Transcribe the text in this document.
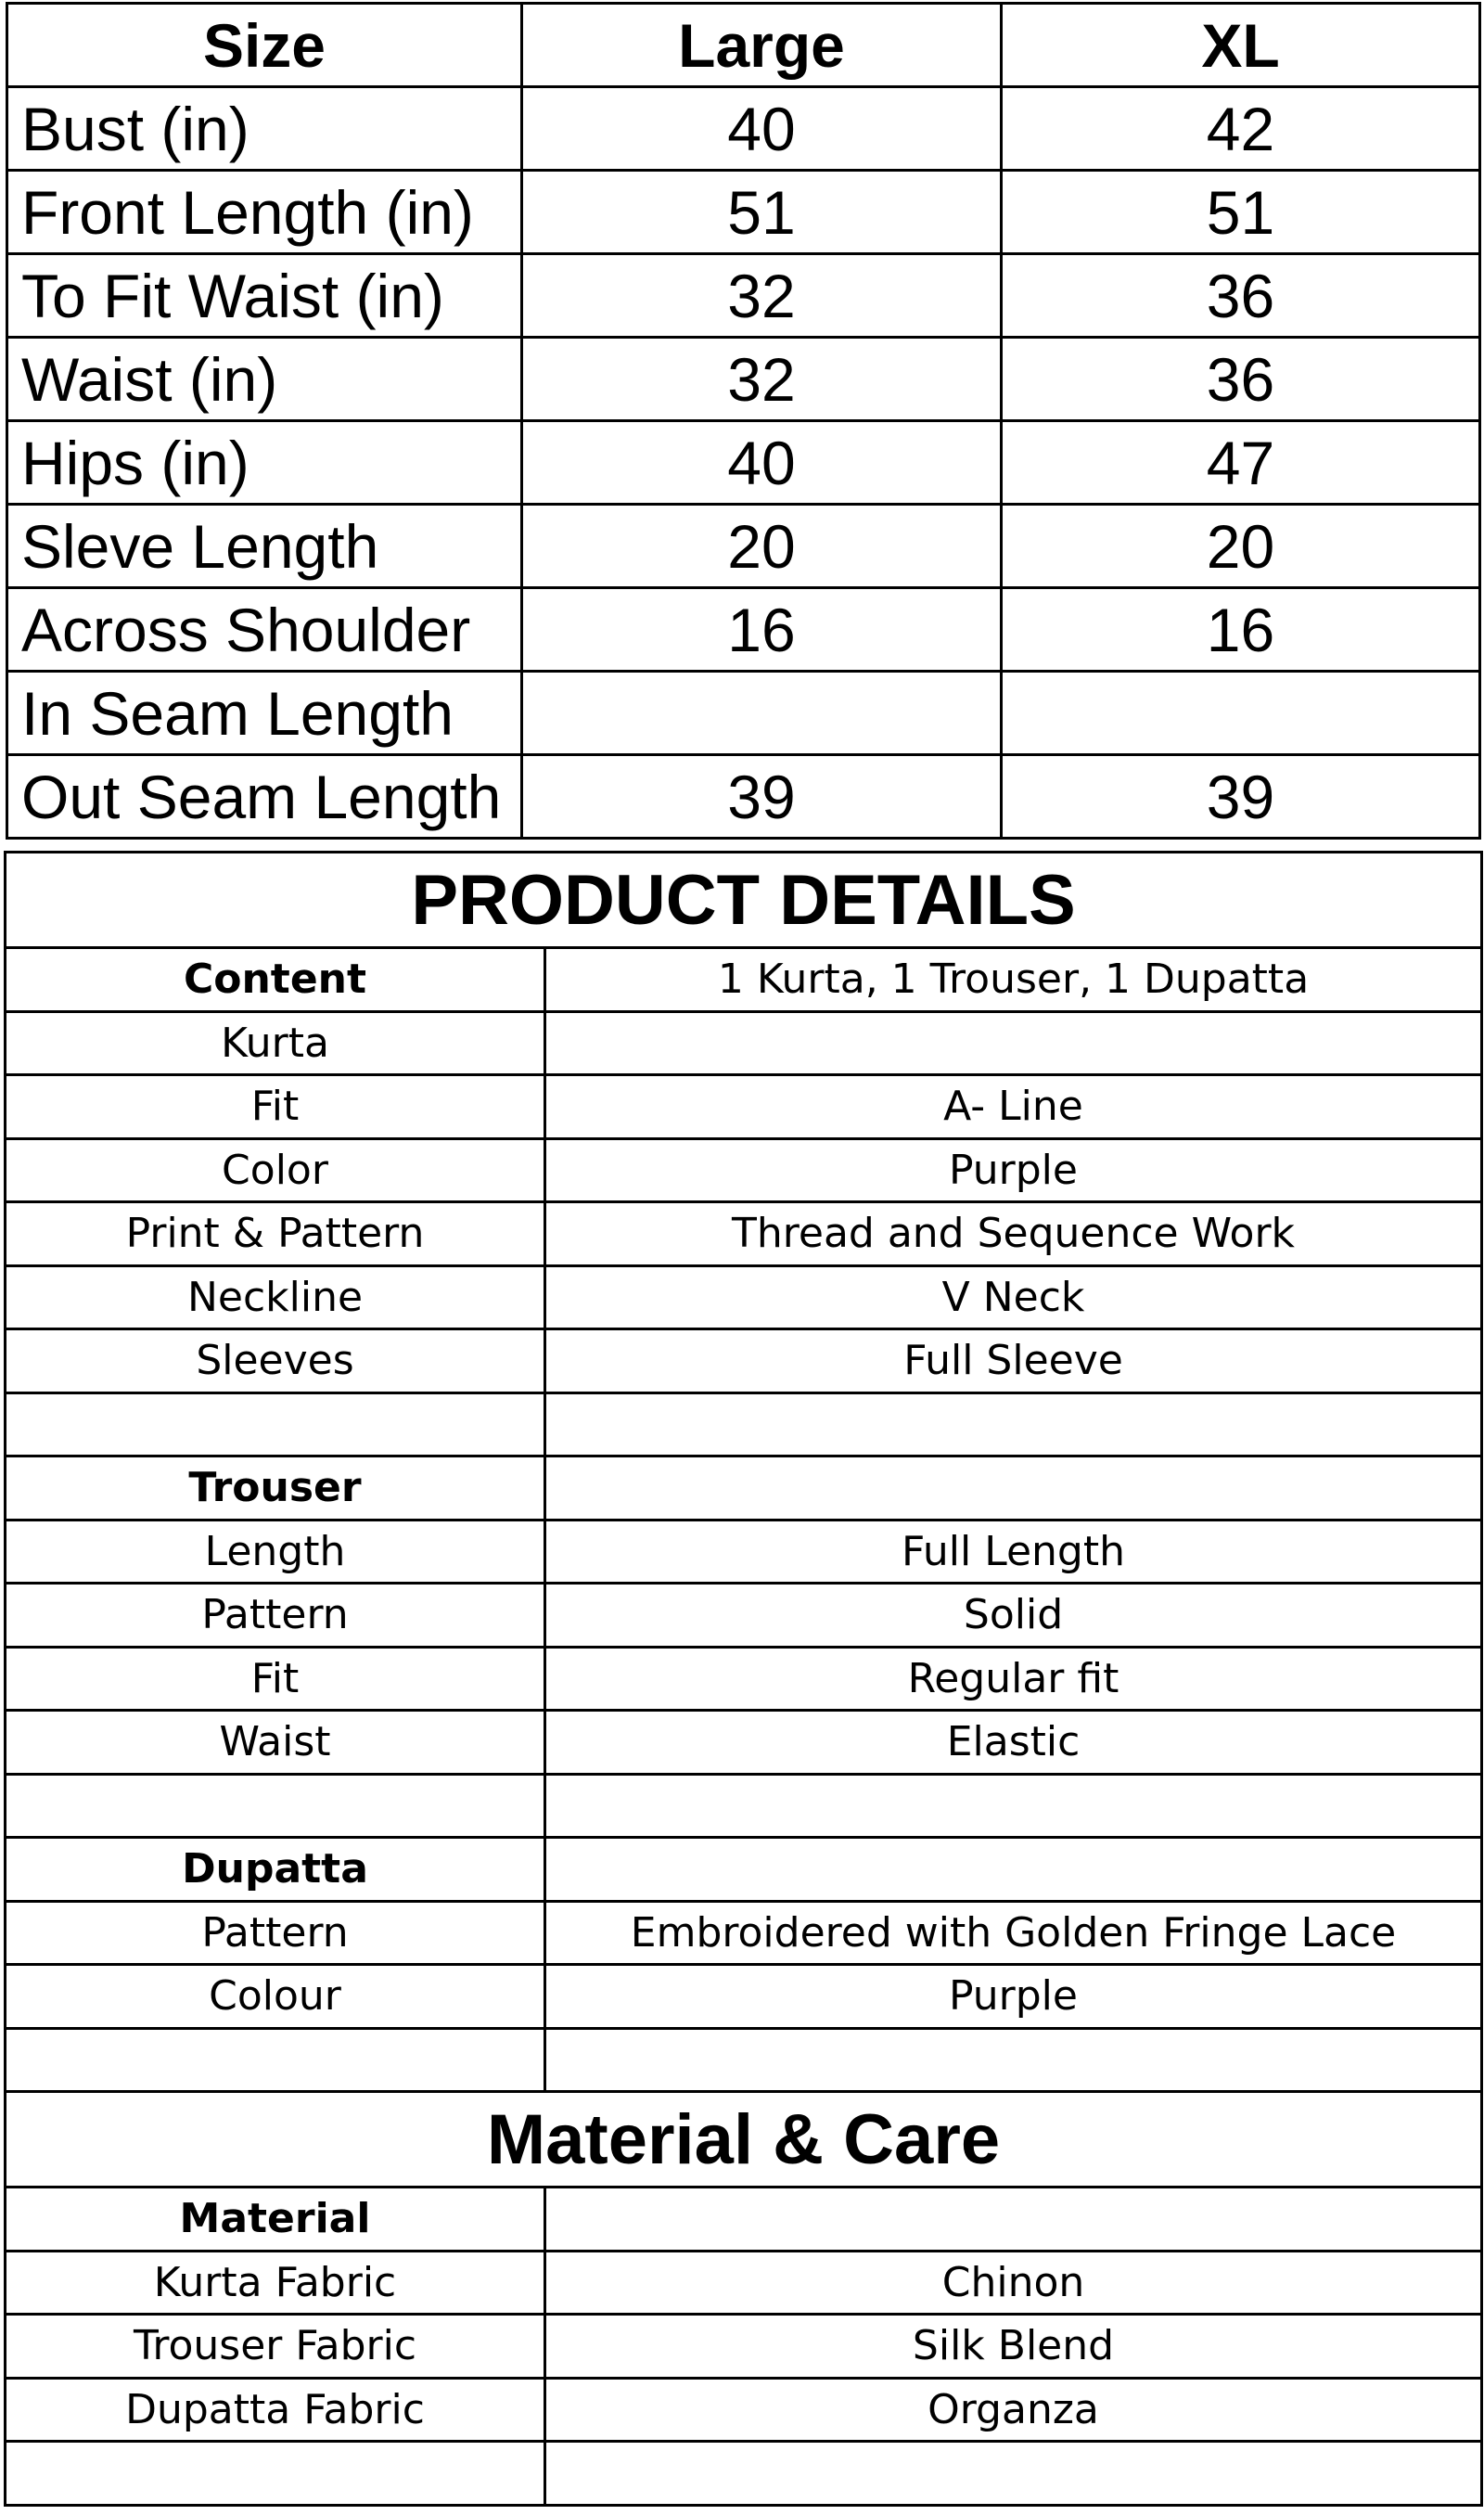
Size	Large	XL
Bust (in)	40	42
Front Length (in)	51	51
To Fit Waist (in)	32	36
Waist (in)	32	36
Hips (in)	40	47
Sleve Length	20	20
Across Shoulder	16	16
In Seam Length		
Out Seam Length	39	39
PRODUCT DETAILS	
Content	1 Kurta, 1 Trouser, 1 Dupatta
Kurta	
Fit	A- Line
Color	Purple
Print & Pattern	Thread and Sequence Work
Neckline	V Neck
Sleeves	Full Sleeve

Trouser	
Length	Full Length
Pattern	Solid
Fit	Regular fit
Waist	Elastic

Dupatta	
Pattern	Embroidered with Golden Fringe Lace
Colour	Purple

Material & Care	
Material	
Kurta Fabric	Chinon
Trouser Fabric	Silk Blend
Dupatta Fabric	Organza
